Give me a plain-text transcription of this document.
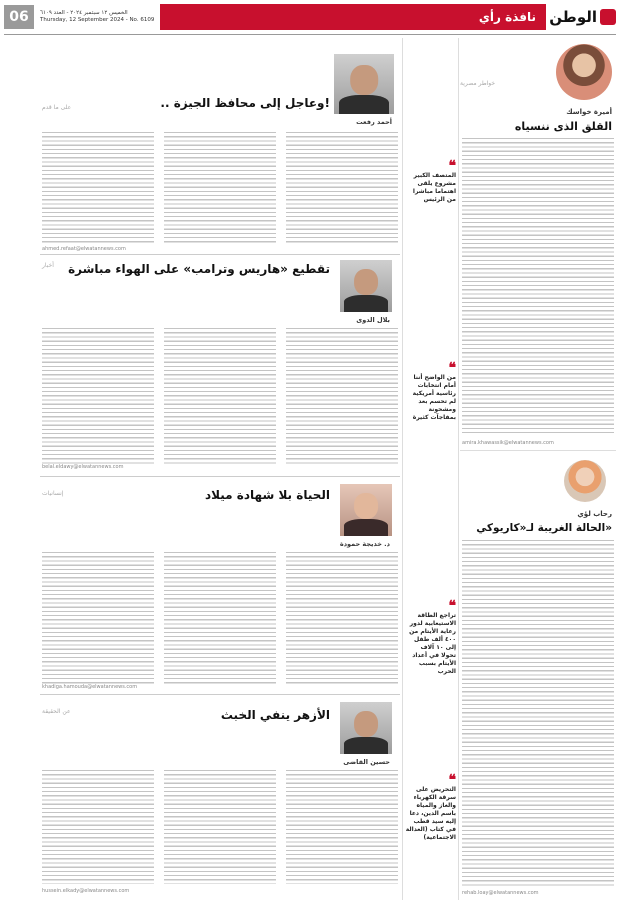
06	الخميس ١٢ سبتمبر ٢٠٢٤ - العدد ٦١٠٩
Thursday, 12 September 2024 - No. 6109	نافذة رأي الوطن
خواطر مصرية
أميرة خواسك
القلق الذى ننسياه
amira.khawassik@elwatannews.com
رحاب لؤي
الحالة الغريبة لـ«كاريوكي»
rehab.loay@elwatannews.com
❝
المتصف الكبير مشروع يلقى اهتماما مباشرا من الرئيس
❝
من الواضح أننا أمام انتخابات رئاسية أمريكية لم تحسم بعد ومشحونة بمفاجآت كثيرة
❝
تراجع الطاقة الاستيعابية لدور رعاية الأيتام من ٤٠٠ ألف طفل إلى ١٠ آلاف تحولا في أعداد الأيتام بسبب الحرب
❝
التحريض على سرقة الكهرباء والغاز والمياه باسم الدين، دعا إليه سيد قطب في كتاب (العدالة الاجتماعية)
على ما قدم	.. وعاجل إلى محافظ الجيزة!
أحمد رفعت
ahmed.refaat@elwatannews.com
أخبار تقطيع «هاريس وترامب» على الهواء مباشرة
بلال الدوى
belal.eldawy@elwatannews.com
إنسانيات	الحياة بلا شهادة ميلاد
د. خديجة حمودة
khadiga.hamouda@elwatannews.com
عن الحقيقة	الأزهر ينفي الخبث
حسين القاضى
hussein.elkady@elwatannews.com
